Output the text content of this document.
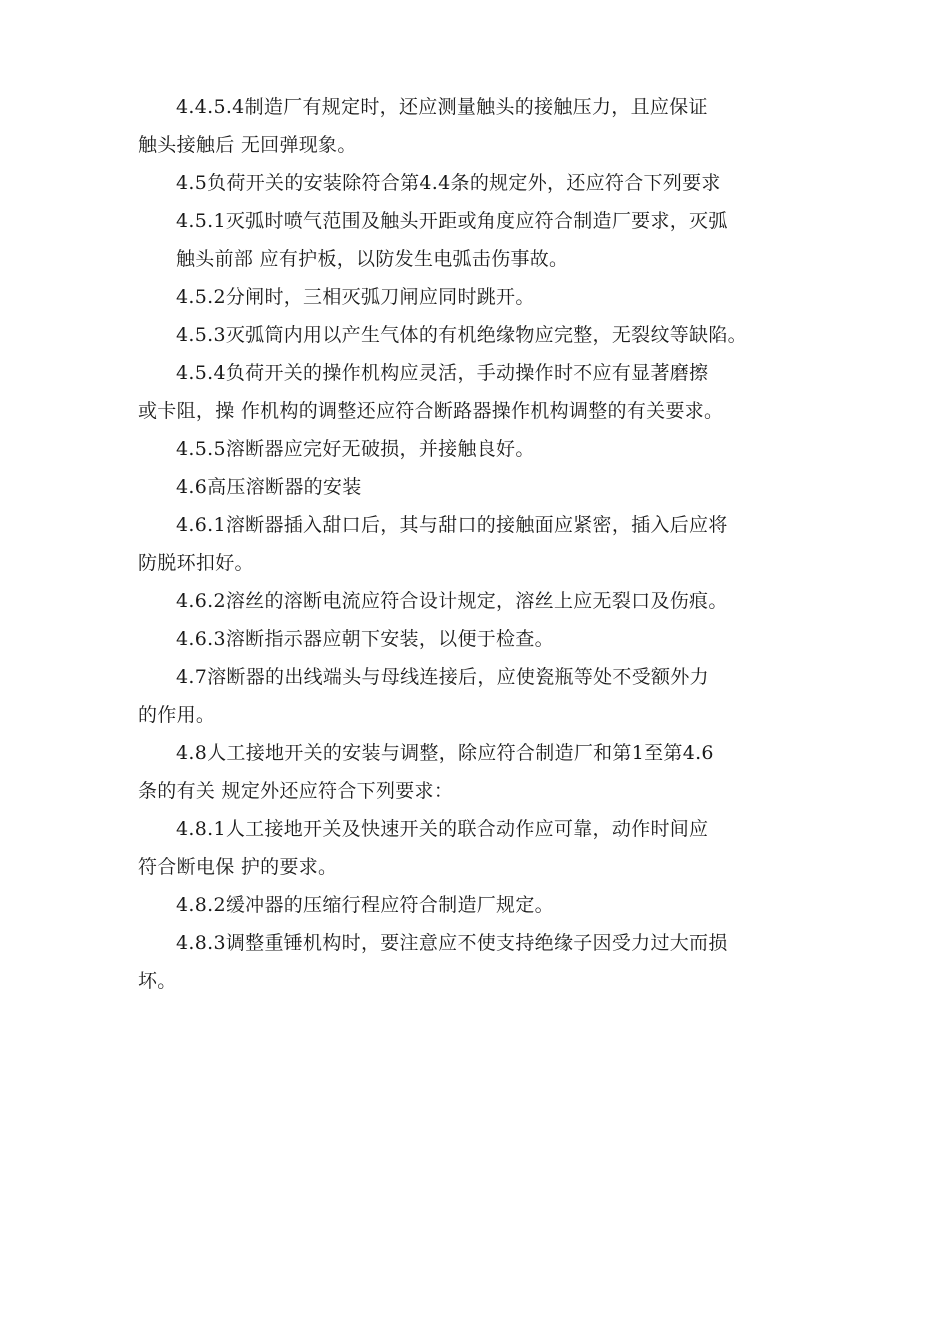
4.4.5.4制造厂有规定时，还应测量触头的接触压力，且应保证
触头接触后 无回弹现象。
4.5负荷开关的安装除符合第4.4条的规定外，还应符合下列要求
4.5.1灭弧时喷气范围及触头开距或角度应符合制造厂要求，灭弧
触头前部 应有护板，以防发生电弧击伤事故。
4.5.2分闸时，三相灭弧刀闸应同时跳开。
4.5.3灭弧筒内用以产生气体的有机绝缘物应完整，无裂纹等缺陷。
4.5.4负荷开关的操作机构应灵活，手动操作时不应有显著磨擦
或卡阻，操 作机构的调整还应符合断路器操作机构调整的有关要求。
4.5.5溶断器应完好无破损，并接触良好。
4.6高压溶断器的安装
4.6.1溶断器插入甜口后，其与甜口的接触面应紧密，插入后应将
防脱环扣好。
4.6.2溶丝的溶断电流应符合设计规定，溶丝上应无裂口及伤痕。
4.6.3溶断指示器应朝下安装，以便于检查。
4.7溶断器的出线端头与母线连接后，应使瓷瓶等处不受额外力
的作用。
4.8人工接地开关的安装与调整，除应符合制造厂和第1至第4.6
条的有关 规定外还应符合下列要求：
4.8.1人工接地开关及快速开关的联合动作应可靠，动作时间应
符合断电保 护的要求。
4.8.2缓冲器的压缩行程应符合制造厂规定。
4.8.3调整重锤机构时，要注意应不使支持绝缘子因受力过大而损
坏。
